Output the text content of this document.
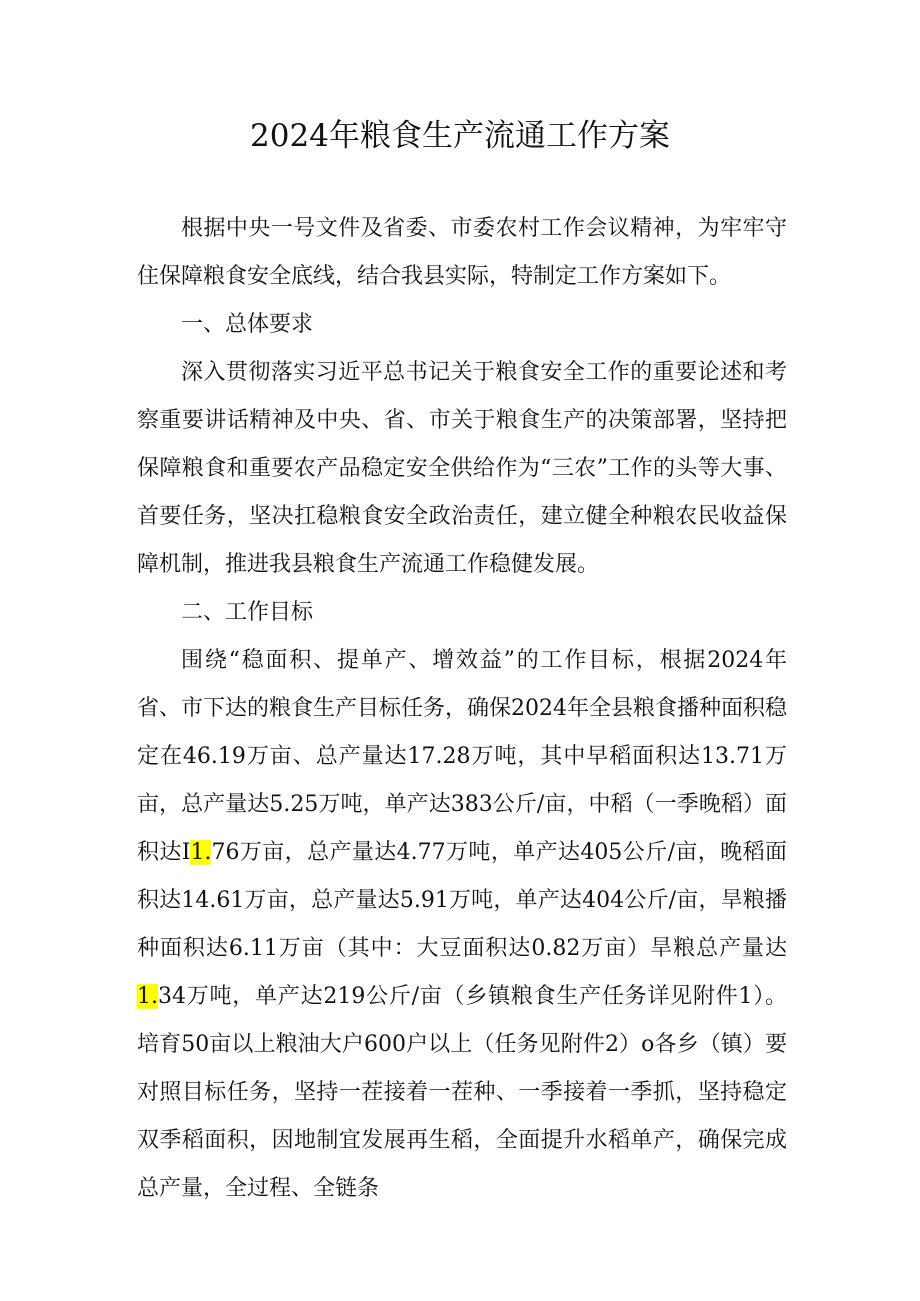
2024年粮食生产流通工作方案

根据中央一号文件及省委、市委农村工作会议精神，为牢牢守住保障粮食安全底线，结合我县实际，特制定工作方案如下。

一、总体要求

深入贯彻落实习近平总书记关于粮食安全工作的重要论述和考察重要讲话精神及中央、省、市关于粮食生产的决策部署，坚持把保障粮食和重要农产品稳定安全供给作为“三农”工作的头等大事、首要任务，坚决扛稳粮食安全政治责任，建立健全种粮农民收益保障机制，推进我县粮食生产流通工作稳健发展。

二、工作目标

围绕“稳面积、提单产、增效益”的工作目标，根据2024年省、市下达的粮食生产目标任务，确保2024年全县粮食播种面积稳定在46.19万亩、总产量达17.28万吨，其中早稻面积达13.71万亩，总产量达5.25万吨，单产达383公斤/亩，中稻（一季晚稻）面积达I1.76万亩，总产量达4.77万吨，单产达405公斤/亩，晚稻面积达14.61万亩，总产量达5.91万吨，单产达404公斤/亩，旱粮播种面积达6.11万亩（其中：大豆面积达0.82万亩）旱粮总产量达1.34万吨，单产达219公斤/亩（乡镇粮食生产任务详见附件1）。培育50亩以上粮油大户600户以上（任务见附件2）o各乡（镇）要对照目标任务，坚持一茬接着一茬种、一季接着一季抓，坚持稳定双季稻面积，因地制宜发展再生稻，全面提升水稻单产，确保完成总产量，全过程、全链条
